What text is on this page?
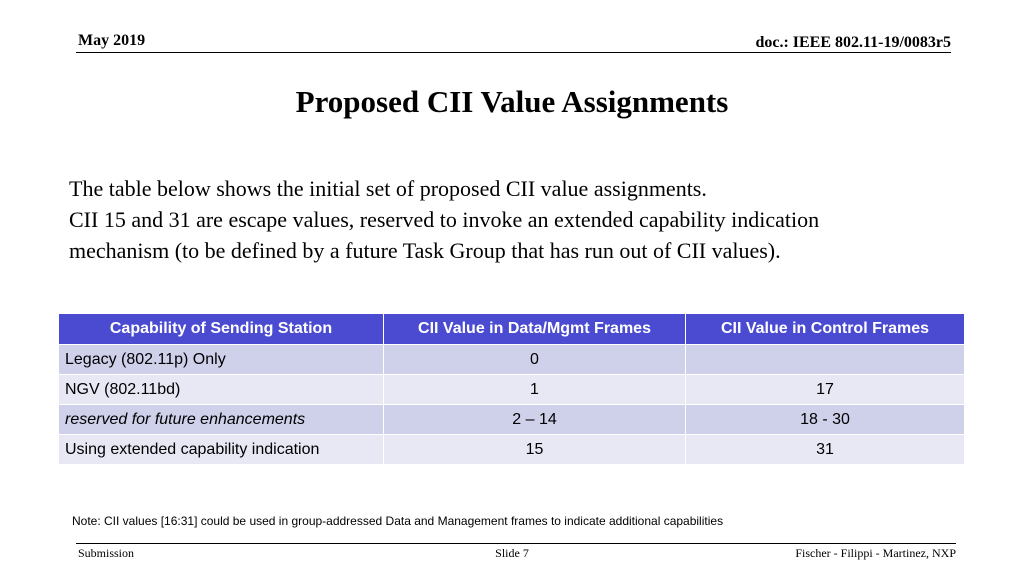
May 2019	doc.: IEEE 802.11-19/0083r5
Proposed CII Value Assignments
The table below shows the initial set of proposed CII value assignments.
CII 15 and 31 are escape values, reserved to invoke an extended capability indication
mechanism (to be defined by a future Task Group that has run out of CII values).
Capability of Sending Station	CII Value in Data/Mgmt Frames	CII Value in Control Frames
Legacy (802.11p) Only	0	
NGV (802.11bd)	1	17
reserved for future enhancements	2 – 14	18 - 30
Using extended capability indication	15	31
Note: CII values [16:31] could be used in group-addressed Data and Management frames to indicate additional capabilities
Submission	Slide 7	Fischer - Filippi - Martinez, NXP
